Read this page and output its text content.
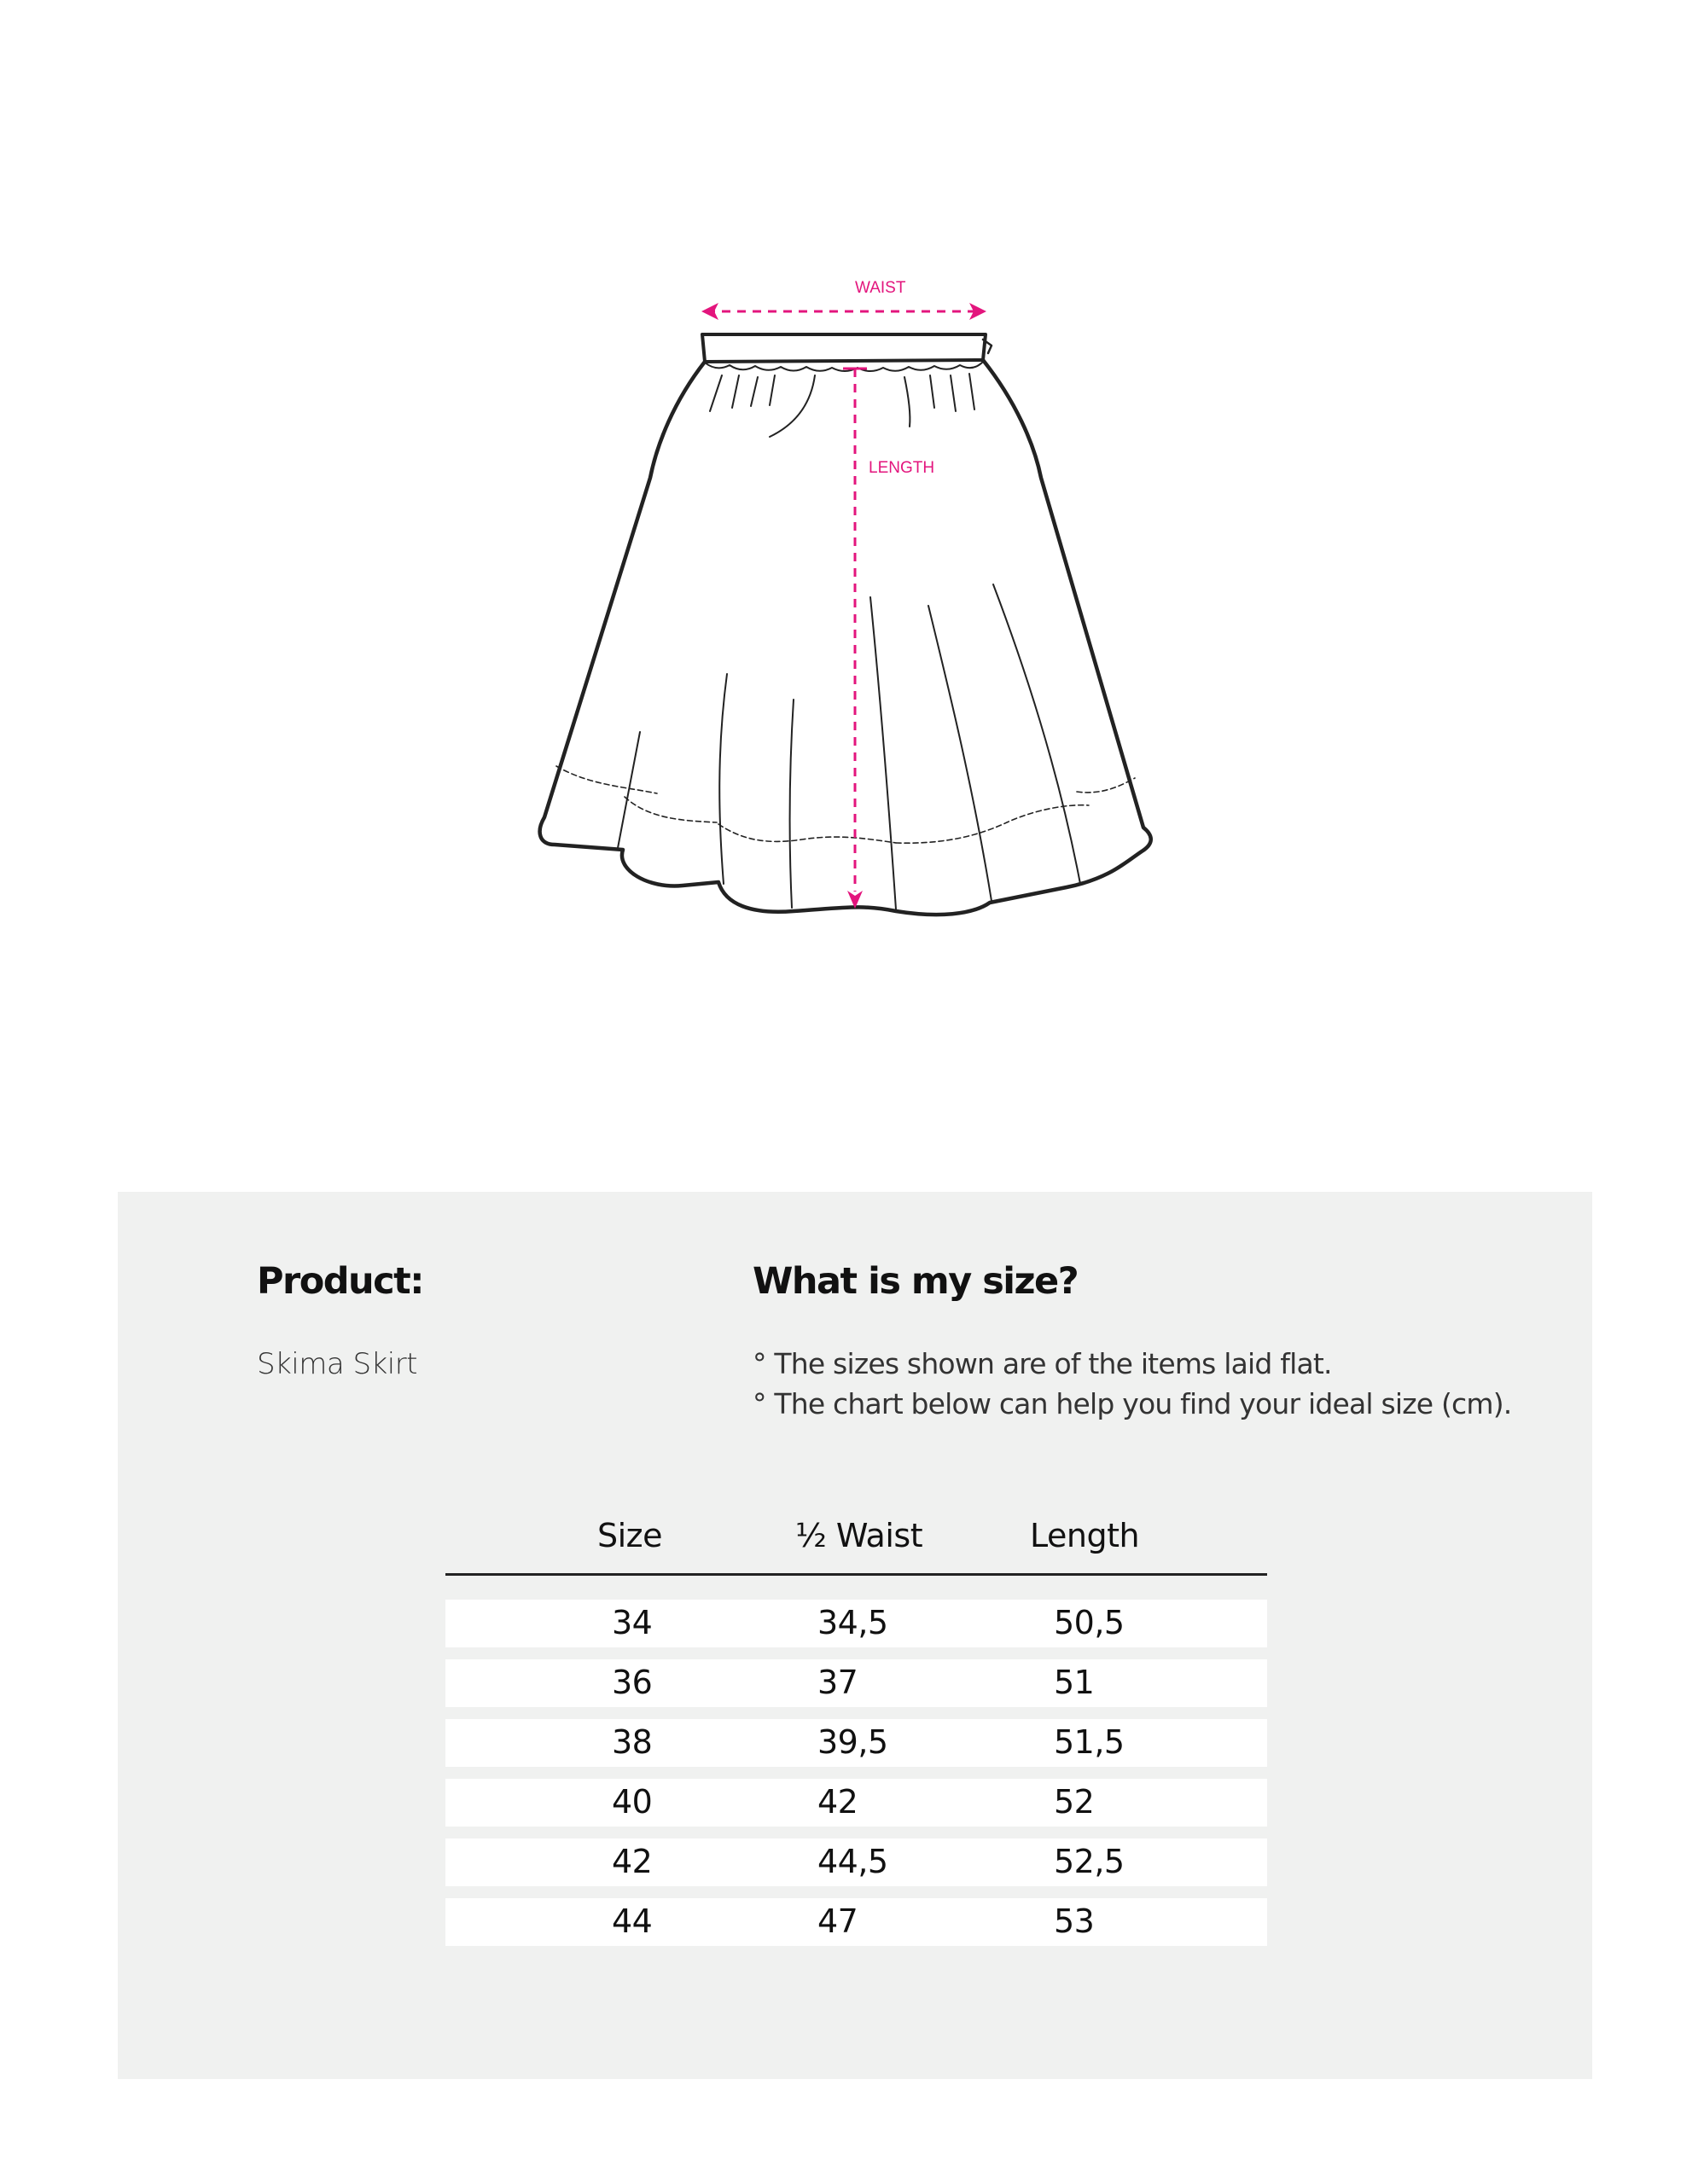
WAIST
LENGTH
Product:
Skima Skirt
What is my size?
° The sizes shown are of the items laid flat.
° The chart below can help you find your ideal size (cm).
Size	½ Waist	Length
34	34,5	50,5
36	37	51
38	39,5	51,5
40	42	52
42	44,5	52,5
44	47	53
